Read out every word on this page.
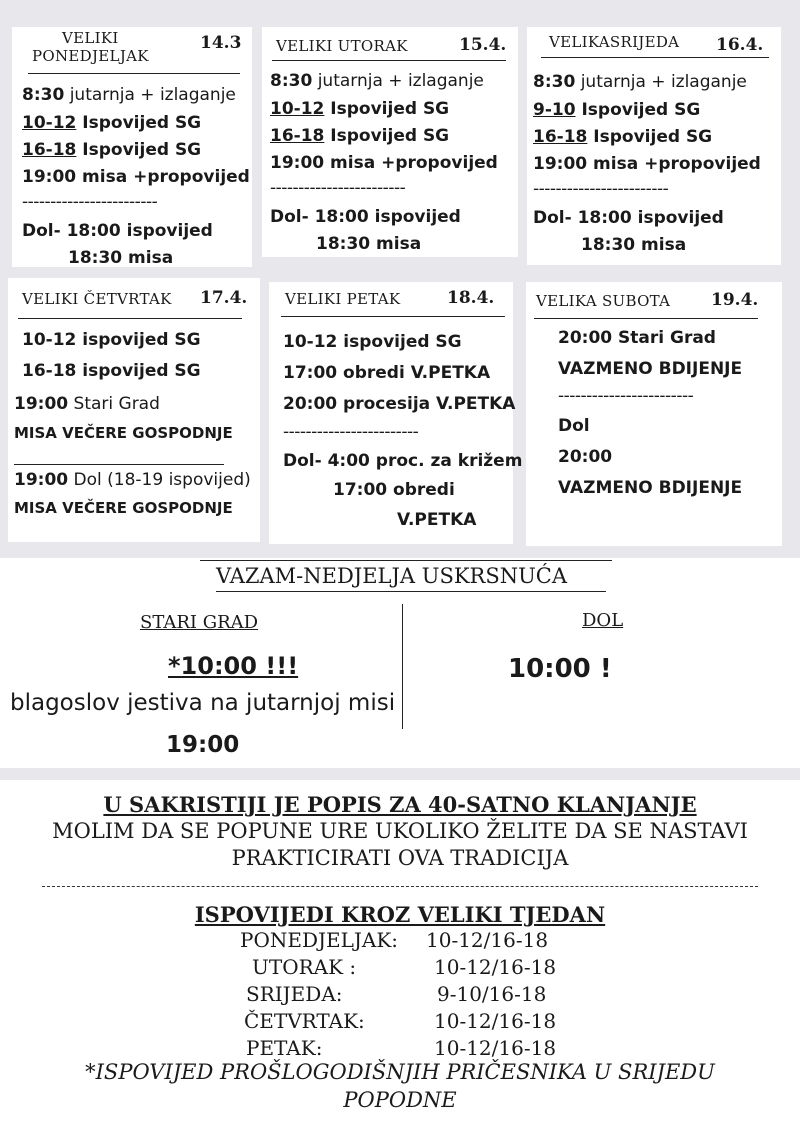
VELIKI
PONEDJELJAK
14.3
8:30 jutarnja + izlaganje
10-12 Ispovijed SG
16-18 Ispovijed SG
19:00 misa +propovijed
------------------------
Dol- 18:00 ispovijed
18:30 misa
VELIKI UTORAK	15.4.
8:30 jutarnja + izlaganje
10-12 Ispovijed SG
16-18 Ispovijed SG
19:00 misa +propovijed
------------------------
Dol- 18:00 ispovijed
18:30 misa
VELIKASRIJEDA 16.4.
8:30 jutarnja + izlaganje
9-10 Ispovijed SG
16-18 Ispovijed SG
19:00 misa +propovijed
------------------------
Dol- 18:00 ispovijed
18:30 misa
VELIKI ČETVRTAK 17.4.
10-12 ispovijed SG
16-18 ispovijed SG
19:00 Stari Grad
MISA VEČERE GOSPODNJE
19:00 Dol (18-19 ispovijed)
MISA VEČERE GOSPODNJE
VELIKI PETAK	18.4.
10-12 ispovijed SG
17:00 obredi V.PETKA
20:00 procesija V.PETKA
------------------------
Dol- 4:00 proc. za križem
17:00 obredi
V.PETKA
VELIKA SUBOTA 19.4.
20:00 Stari Grad
VAZMENO BDIJENJE
------------------------
Dol
20:00
VAZMENO BDIJENJE
VAZAM-NEDJELJA USKRSNUĆA
STARI GRAD
*10:00 !!!
blagoslov jestiva na jutarnjoj misi
19:00
DOL
10:00 !
U SAKRISTIJI JE POPIS ZA 40-SATNO KLANJANJE
MOLIM DA SE POPUNE URE UKOLIKO ŽELITE DA SE NASTAVI
PRAKTICIRATI OVA TRADICIJA
ISPOVIJEDI KROZ VELIKI TJEDAN
PONEDJELJAK: 10-12/16-18
UTORAK :	10-12/16-18
SRIJEDA:	9-10/16-18
ČETVRTAK:	10-12/16-18
PETAK:	10-12/16-18
*ISPOVIJED PROŠLOGODIŠNJIH PRIČESNIKA U SRIJEDU
POPODNE
